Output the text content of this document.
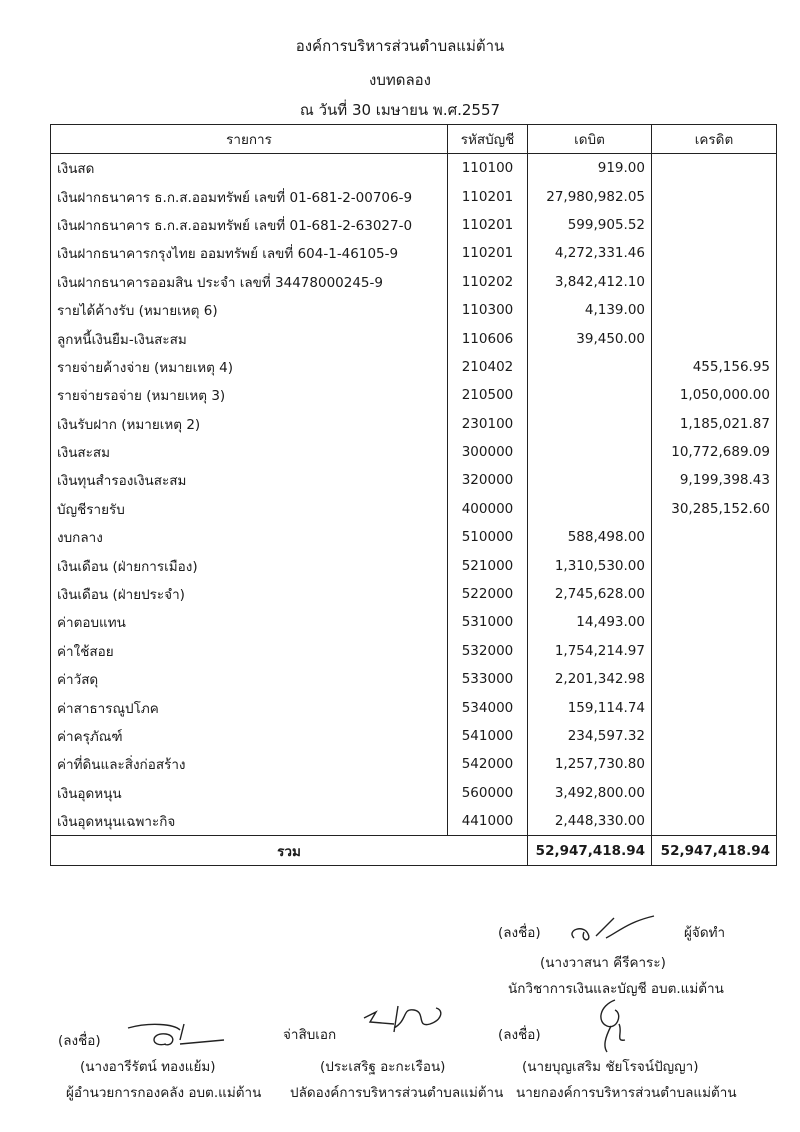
องค์การบริหารส่วนตำบลแม่ต้าน
งบทดลอง
ณ วันที่ 30 เมษายน พ.ศ.2557
รายการ	รหัสบัญชี	เดบิต	เครดิต
เงินสด	110100	919.00	
เงินฝากธนาคาร ธ.ก.ส.ออมทรัพย์ เลขที่ 01-681-2-00706-9	110201	27,980,982.05	
เงินฝากธนาคาร ธ.ก.ส.ออมทรัพย์ เลขที่ 01-681-2-63027-0	110201	599,905.52	
เงินฝากธนาคารกรุงไทย ออมทรัพย์ เลขที่ 604-1-46105-9	110201	4,272,331.46	
เงินฝากธนาคารออมสิน ประจำ เลขที่ 34478000245-9	110202	3,842,412.10	
รายได้ค้างรับ (หมายเหตุ 6)	110300	4,139.00	
ลูกหนี้เงินยืม-เงินสะสม	110606	39,450.00	
รายจ่ายค้างจ่าย (หมายเหตุ 4)	210402		455,156.95
รายจ่ายรอจ่าย (หมายเหตุ 3)	210500		1,050,000.00
เงินรับฝาก (หมายเหตุ 2)	230100		1,185,021.87
เงินสะสม	300000		10,772,689.09
เงินทุนสำรองเงินสะสม	320000		9,199,398.43
บัญชีรายรับ	400000		30,285,152.60
งบกลาง	510000	588,498.00	
เงินเดือน (ฝ่ายการเมือง)	521000	1,310,530.00	
เงินเดือน (ฝ่ายประจำ)	522000	2,745,628.00	
ค่าตอบแทน	531000	14,493.00	
ค่าใช้สอย	532000	1,754,214.97	
ค่าวัสดุ	533000	2,201,342.98	
ค่าสาธารณูปโภค	534000	159,114.74	
ค่าครุภัณฑ์	541000	234,597.32	
ค่าที่ดินและสิ่งก่อสร้าง	542000	1,257,730.80	
เงินอุดหนุน	560000	3,492,800.00	
เงินอุดหนุนเฉพาะกิจ	441000	2,448,330.00	
รวม		52,947,418.94	52,947,418.94
(ลงชื่อ)	ผู้จัดทำ
(นางวาสนา คีรีคาระ)
นักวิชาการเงินและบัญชี อบต.แม่ต้าน
(ลงชื่อ)
(นางอารีรัตน์ ทองแย้ม)
ผู้อำนวยการกองคลัง อบต.แม่ต้าน
จ่าสิบเอก
(ประเสริฐ อะกะเรือน)
ปลัดองค์การบริหารส่วนตำบลแม่ต้าน
(ลงชื่อ)
(นายบุญเสริม ชัยโรจน์ปัญญา)
นายกองค์การบริหารส่วนตำบลแม่ต้าน
